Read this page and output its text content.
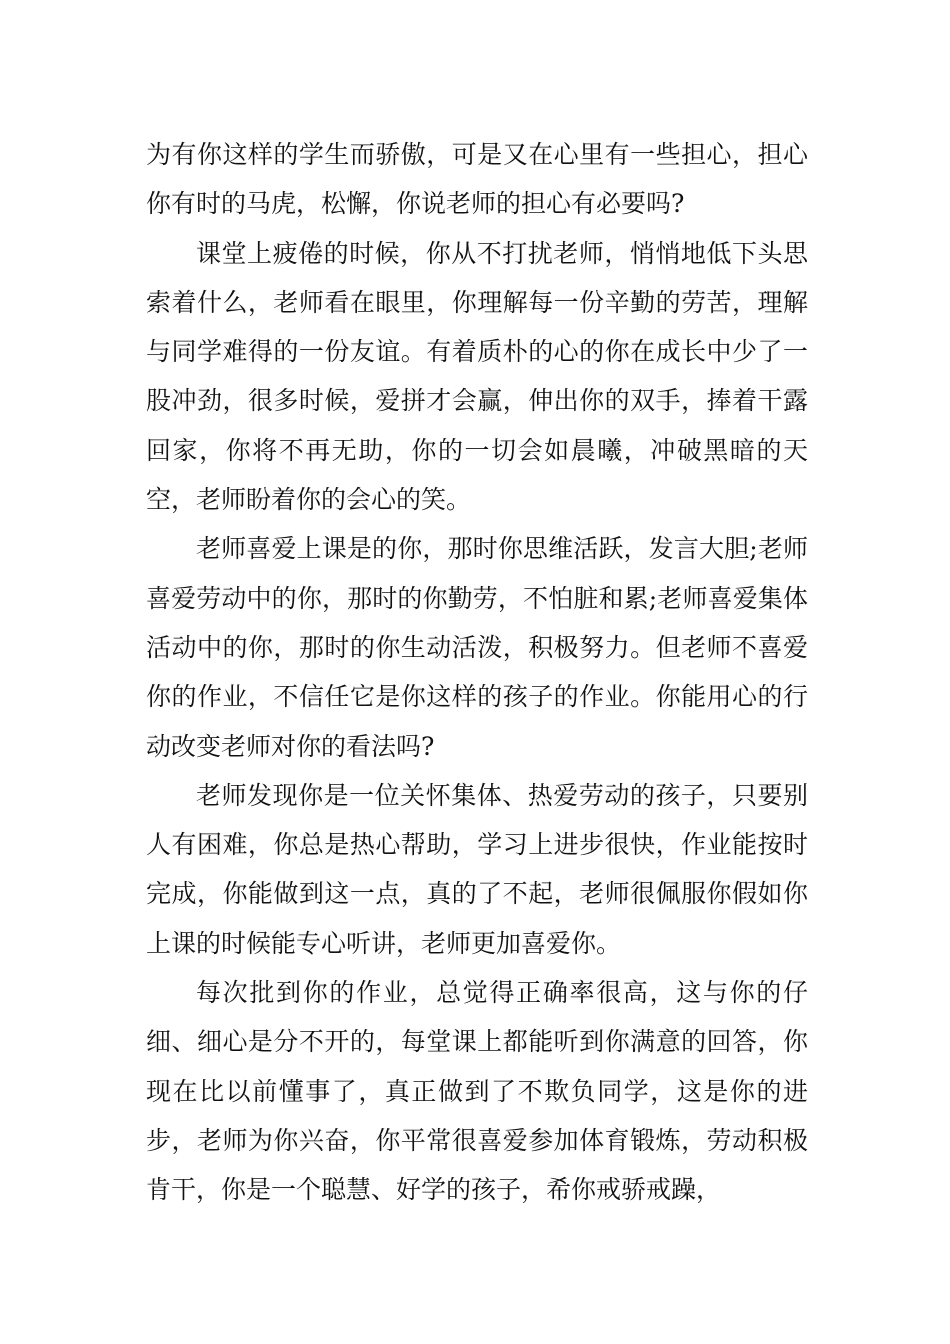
为有你这样的学生而骄傲，可是又在心里有一些担心，担心你有时的马虎，松懈，你说老师的担心有必要吗?

课堂上疲倦的时候，你从不打扰老师，悄悄地低下头思索着什么，老师看在眼里，你理解每一份辛勤的劳苦，理解与同学难得的一份友谊。有着质朴的心的你在成长中少了一股冲劲，很多时候，爱拼才会赢，伸出你的双手，捧着干露回家，你将不再无助，你的一切会如晨曦，冲破黑暗的天空，老师盼着你的会心的笑。

老师喜爱上课是的你，那时你思维活跃，发言大胆;老师喜爱劳动中的你，那时的你勤劳，不怕脏和累;老师喜爱集体活动中的你，那时的你生动活泼，积极努力。但老师不喜爱你的作业，不信任它是你这样的孩子的作业。你能用心的行动改变老师对你的看法吗?

老师发现你是一位关怀集体、热爱劳动的孩子，只要别人有困难，你总是热心帮助，学习上进步很快，作业能按时完成，你能做到这一点，真的了不起，老师很佩服你假如你上课的时候能专心听讲，老师更加喜爱你。

每次批到你的作业，总觉得正确率很高，这与你的仔细、细心是分不开的，每堂课上都能听到你满意的回答，你现在比以前懂事了，真正做到了不欺负同学，这是你的进步，老师为你兴奋，你平常很喜爱参加体育锻炼，劳动积极肯干，你是一个聪慧、好学的孩子，希你戒骄戒躁，
